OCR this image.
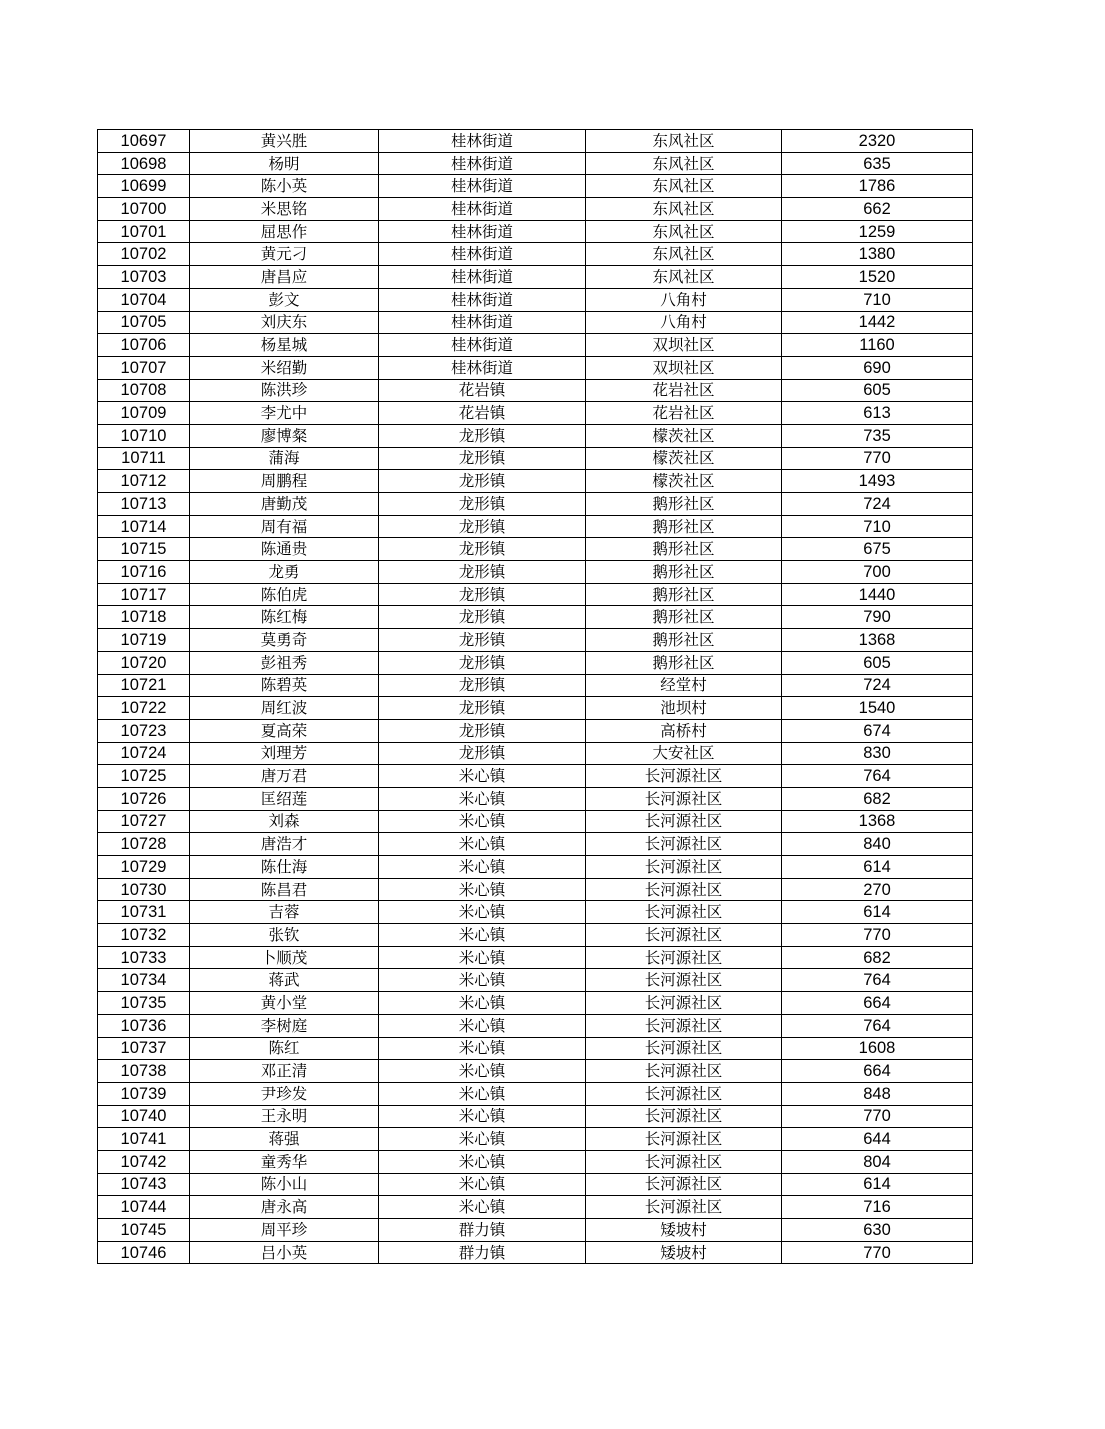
10697	黄兴胜	桂林街道	东风社区	2320
10698	杨明	桂林街道	东风社区	635
10699	陈小英	桂林街道	东风社区	1786
10700	米思铭	桂林街道	东风社区	662
10701	屈思作	桂林街道	东风社区	1259
10702	黄元刁	桂林街道	东风社区	1380
10703	唐昌应	桂林街道	东风社区	1520
10704	彭文	桂林街道	八角村	710
10705	刘庆东	桂林街道	八角村	1442
10706	杨星城	桂林街道	双坝社区	1160
10707	米绍勤	桂林街道	双坝社区	690
10708	陈洪珍	花岩镇	花岩社区	605
10709	李尤中	花岩镇	花岩社区	613
10710	廖博粲	龙形镇	檬茨社区	735
10711	蒲海	龙形镇	檬茨社区	770
10712	周鹏程	龙形镇	檬茨社区	1493
10713	唐勤茂	龙形镇	鹅形社区	724
10714	周有福	龙形镇	鹅形社区	710
10715	陈通贵	龙形镇	鹅形社区	675
10716	龙勇	龙形镇	鹅形社区	700
10717	陈伯虎	龙形镇	鹅形社区	1440
10718	陈红梅	龙形镇	鹅形社区	790
10719	莫勇奇	龙形镇	鹅形社区	1368
10720	彭祖秀	龙形镇	鹅形社区	605
10721	陈碧英	龙形镇	经堂村	724
10722	周红波	龙形镇	池坝村	1540
10723	夏高荣	龙形镇	高桥村	674
10724	刘理芳	龙形镇	大安社区	830
10725	唐万君	米心镇	长河源社区	764
10726	匡绍莲	米心镇	长河源社区	682
10727	刘森	米心镇	长河源社区	1368
10728	唐浩才	米心镇	长河源社区	840
10729	陈仕海	米心镇	长河源社区	614
10730	陈昌君	米心镇	长河源社区	270
10731	吉蓉	米心镇	长河源社区	614
10732	张钦	米心镇	长河源社区	770
10733	卜顺茂	米心镇	长河源社区	682
10734	蒋武	米心镇	长河源社区	764
10735	黄小堂	米心镇	长河源社区	664
10736	李树庭	米心镇	长河源社区	764
10737	陈红	米心镇	长河源社区	1608
10738	邓正清	米心镇	长河源社区	664
10739	尹珍发	米心镇	长河源社区	848
10740	王永明	米心镇	长河源社区	770
10741	蒋强	米心镇	长河源社区	644
10742	童秀华	米心镇	长河源社区	804
10743	陈小山	米心镇	长河源社区	614
10744	唐永高	米心镇	长河源社区	716
10745	周平珍	群力镇	矮坡村	630
10746	吕小英	群力镇	矮坡村	770
